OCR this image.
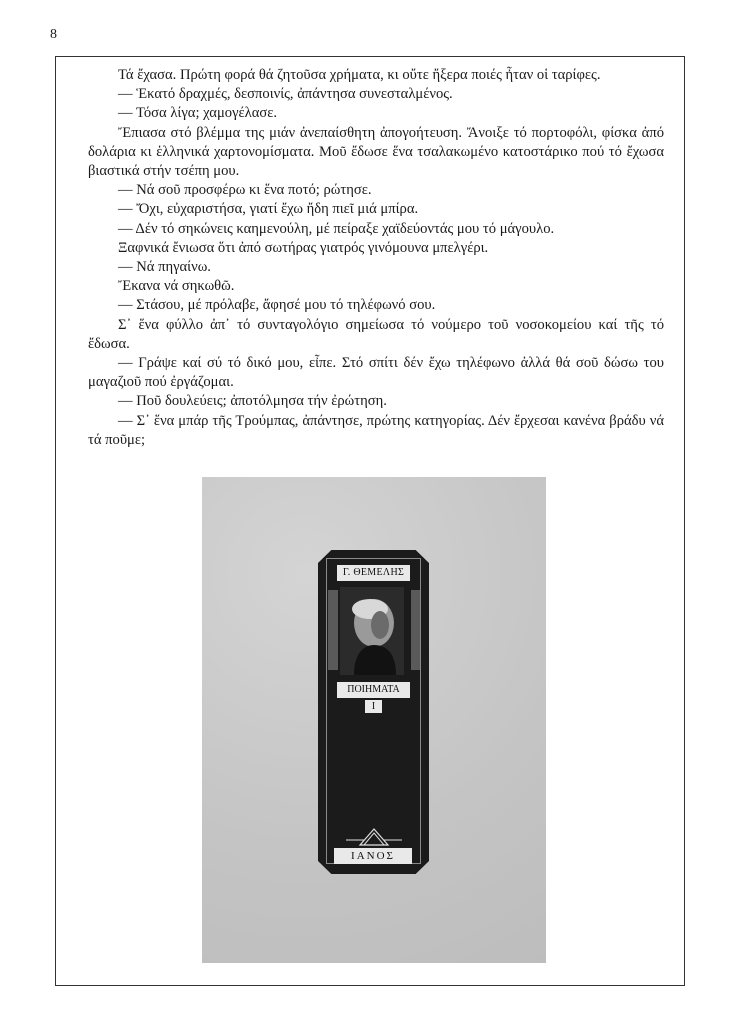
8

Τά ἔχασα. Πρώτη φορά θά ζητοῦσα χρήματα, κι οὔτε ἤξερα ποιές ἦταν οἱ ταρίφες.

— Ἑκατό δραχμές, δεσποινίς, ἀπάντησα συνεσταλμένος.

— Τόσα λίγα; χαμογέλασε.

Ἔπιασα στό βλέμμα της μιάν ἀνεπαίσθητη ἀπογοήτευση. Ἄνοιξε τό πορτοφόλι, φίσκα ἀπό δολάρια κι ἑλληνικά χαρτονομίσματα. Μοῦ ἔδωσε ἕνα τσαλακωμένο κατοστάρικο πού τό ἔχωσα βιαστικά στήν τσέπη μου.

— Νά σοῦ προσφέρω κι ἕνα ποτό; ρώτησε.

— Ὄχι, εὐχαριστήσα, γιατί ἔχω ἤδη πιεῖ μιά μπίρα.

— Δέν τό σηκώνεις καημενούλη, μέ πείραξε χαϊδεύοντάς μου τό μάγουλο.

Ξαφνικά ἔνιωσα ὅτι ἀπό σωτήρας γιατρός γινόμουνα μπελγέρι.

— Νά πηγαίνω.

Ἔκανα νά σηκωθῶ.

— Στάσου, μέ πρόλαβε, ἄφησέ μου τό τηλέφωνό σου.

Σ᾽ ἕνα φύλλο ἀπ᾽ τό συνταγολόγιο σημείωσα τό νούμερο τοῦ νοσοκομείου καί τῆς τό ἔδωσα.

— Γράψε καί σύ τό δικό μου, εἶπε. Στό σπίτι δέν ἔχω τηλέφωνο ἀλλά θά σοῦ δώσω του μαγαζιοῦ πού ἐργάζομαι.

— Ποῦ δουλεύεις; ἀποτόλμησα τήν ἐρώτηση.

— Σ᾽ ἕνα μπάρ τῆς Τρούμπας, ἀπάντησε, πρώτης κατηγορίας. Δέν ἔρχεσαι κανένα βράδυ νά τά ποῦμε;

Γ. ΘΕΜΕΛΗΣ
ΠΟΙΗΜΑΤΑ
Ι
ΙΑΝΟΣ
